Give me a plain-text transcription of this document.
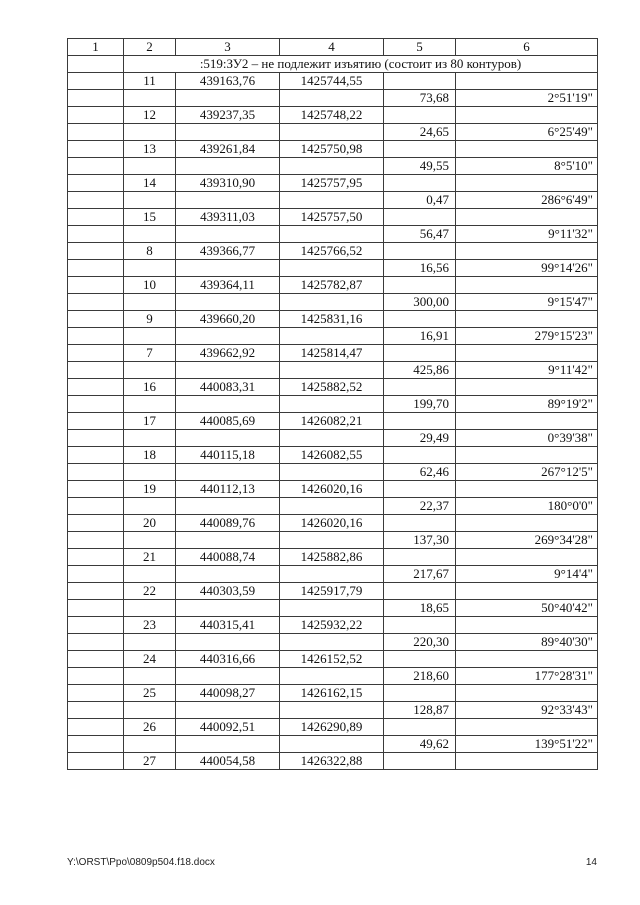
1	2	3	4	5	6
	:519:ЗУ2 – не подлежит изъятию (состоит из 80 контуров)				
	11	439163,76	1425744,55		
				73,68	2°51'19"
	12	439237,35	1425748,22		
				24,65	6°25'49"
	13	439261,84	1425750,98		
				49,55	8°5'10"
	14	439310,90	1425757,95		
				0,47	286°6'49"
	15	439311,03	1425757,50		
				56,47	9°11'32"
	8	439366,77	1425766,52		
				16,56	99°14'26"
	10	439364,11	1425782,87		
				300,00	9°15'47"
	9	439660,20	1425831,16		
				16,91	279°15'23"
	7	439662,92	1425814,47		
				425,86	9°11'42"
	16	440083,31	1425882,52		
				199,70	89°19'2"
	17	440085,69	1426082,21		
				29,49	0°39'38"
	18	440115,18	1426082,55		
				62,46	267°12'5"
	19	440112,13	1426020,16		
				22,37	180°0'0"
	20	440089,76	1426020,16		
				137,30	269°34'28"
	21	440088,74	1425882,86		
				217,67	9°14'4"
	22	440303,59	1425917,79		
				18,65	50°40'42"
	23	440315,41	1425932,22		
				220,30	89°40'30"
	24	440316,66	1426152,52		
				218,60	177°28'31"
	25	440098,27	1426162,15		
				128,87	92°33'43"
	26	440092,51	1426290,89		
				49,62	139°51'22"
	27	440054,58	1426322,88		
Y:\ORST\Ppo\0809p504.f18.docx	14
